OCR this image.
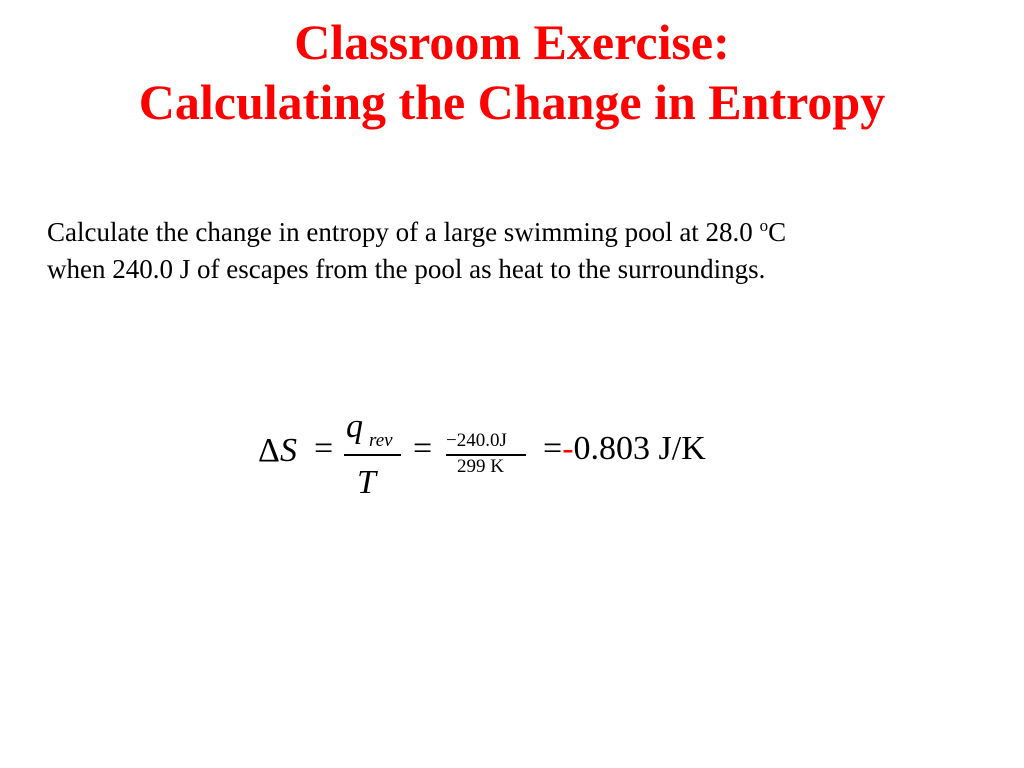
Classroom Exercise:
Calculating the Change in Entropy
Calculate the change in entropy of a large swimming pool at 28.0 $^o$C
when 240.0 J of escapes from the pool as heat to the surroundings.
Δ S =
q rev
T
= −240.0J
299 K =-0.803 J/K
